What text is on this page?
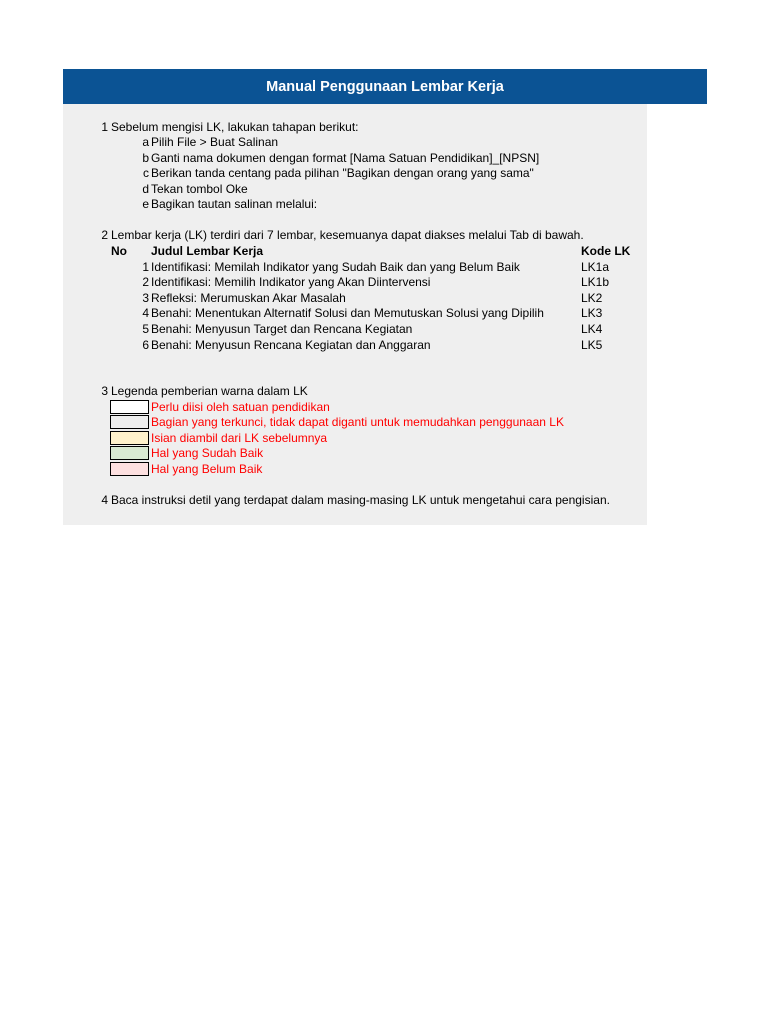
Manual Penggunaan Lembar Kerja
1 Sebelum mengisi LK, lakukan tahapan berikut:
a Pilih File > Buat Salinan
b Ganti nama dokumen dengan format [Nama Satuan Pendidikan]_[NPSN]
c Berikan tanda centang pada pilihan "Bagikan dengan orang yang sama"
d Tekan tombol Oke
e Bagikan tautan salinan melalui:
2 Lembar kerja (LK) terdiri dari 7 lembar, kesemuanya dapat diakses melalui Tab di bawah.
No Judul Lembar Kerja	Kode LK
1 Identifikasi: Memilah Indikator yang Sudah Baik dan yang Belum Baik	LK1a
2 Identifikasi: Memilih Indikator yang Akan Diintervensi	LK1b
3 Refleksi: Merumuskan Akar Masalah	LK2
4 Benahi: Menentukan Alternatif Solusi dan Memutuskan Solusi yang Dipilih	LK3
5 Benahi: Menyusun Target dan Rencana Kegiatan	LK4
6 Benahi: Menyusun Rencana Kegiatan dan Anggaran	LK5
3 Legenda pemberian warna dalam LK
Perlu diisi oleh satuan pendidikan
Bagian yang terkunci, tidak dapat diganti untuk memudahkan penggunaan LK
Isian diambil dari LK sebelumnya
Hal yang Sudah Baik
Hal yang Belum Baik
4 Baca instruksi detil yang terdapat dalam masing-masing LK untuk mengetahui cara pengisian.
